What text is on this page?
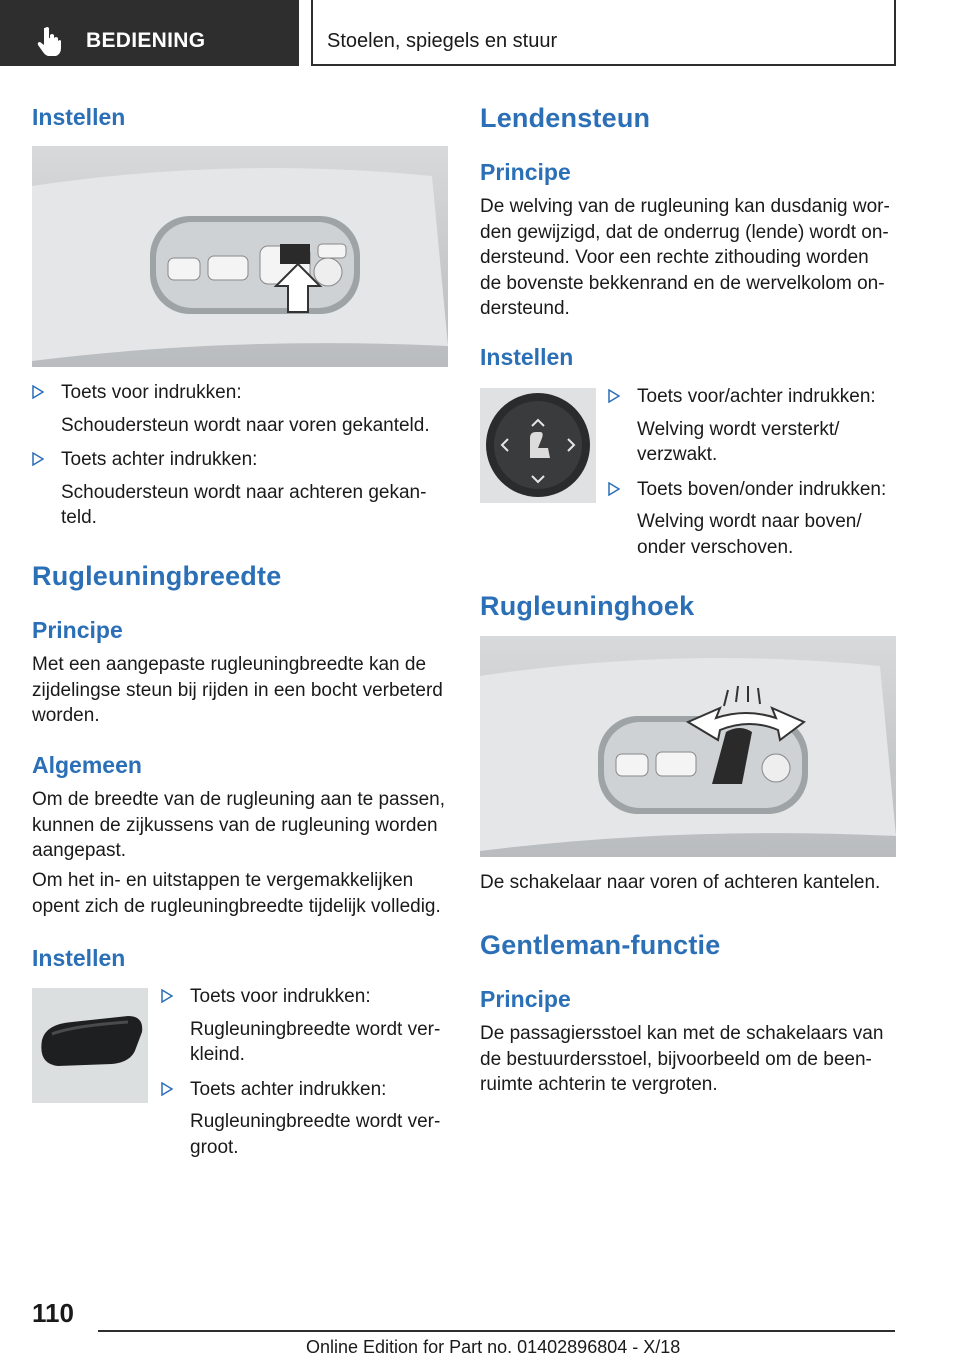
BEDIENING	Stoelen, spiegels en stuur
Instellen
Toets voor indrukken:
Schoudersteun wordt naar voren gekanteld.
Toets achter indrukken:
Schoudersteun wordt naar achteren gekan-
teld.
Rugleuningbreedte
Principe
Met een aangepaste rugleuningbreedte kan de
zijdelingse steun bij rijden in een bocht verbeterd
worden.
Algemeen
Om de breedte van de rugleuning aan te passen,
kunnen de zijkussens van de rugleuning worden
aangepast.
Om het in- en uitstappen te vergemakkelijken
opent zich de rugleuningbreedte tijdelijk volledig.
Instellen
Toets voor indrukken:
Rugleuningbreedte wordt ver-
kleind.
Toets achter indrukken:
Rugleuningbreedte wordt ver-
groot.
Lendensteun
Principe
De welving van de rugleuning kan dusdanig wor-
den gewijzigd, dat de onderrug (lende) wordt on-
dersteund. Voor een rechte zithouding worden
de bovenste bekkenrand en de wervelkolom on-
dersteund.
Instellen
Toets voor/achter indrukken:
Welving wordt versterkt/
verzwakt.
Toets boven/onder indrukken:
Welving wordt naar boven/
onder verschoven.
Rugleuninghoek
De schakelaar naar voren of achteren kantelen.
Gentleman-functie
Principe
De passagiersstoel kan met de schakelaars van
de bestuurdersstoel, bijvoorbeeld om de been-
ruimte achterin te vergroten.
110
Online Edition for Part no. 01402896804 - X/18
